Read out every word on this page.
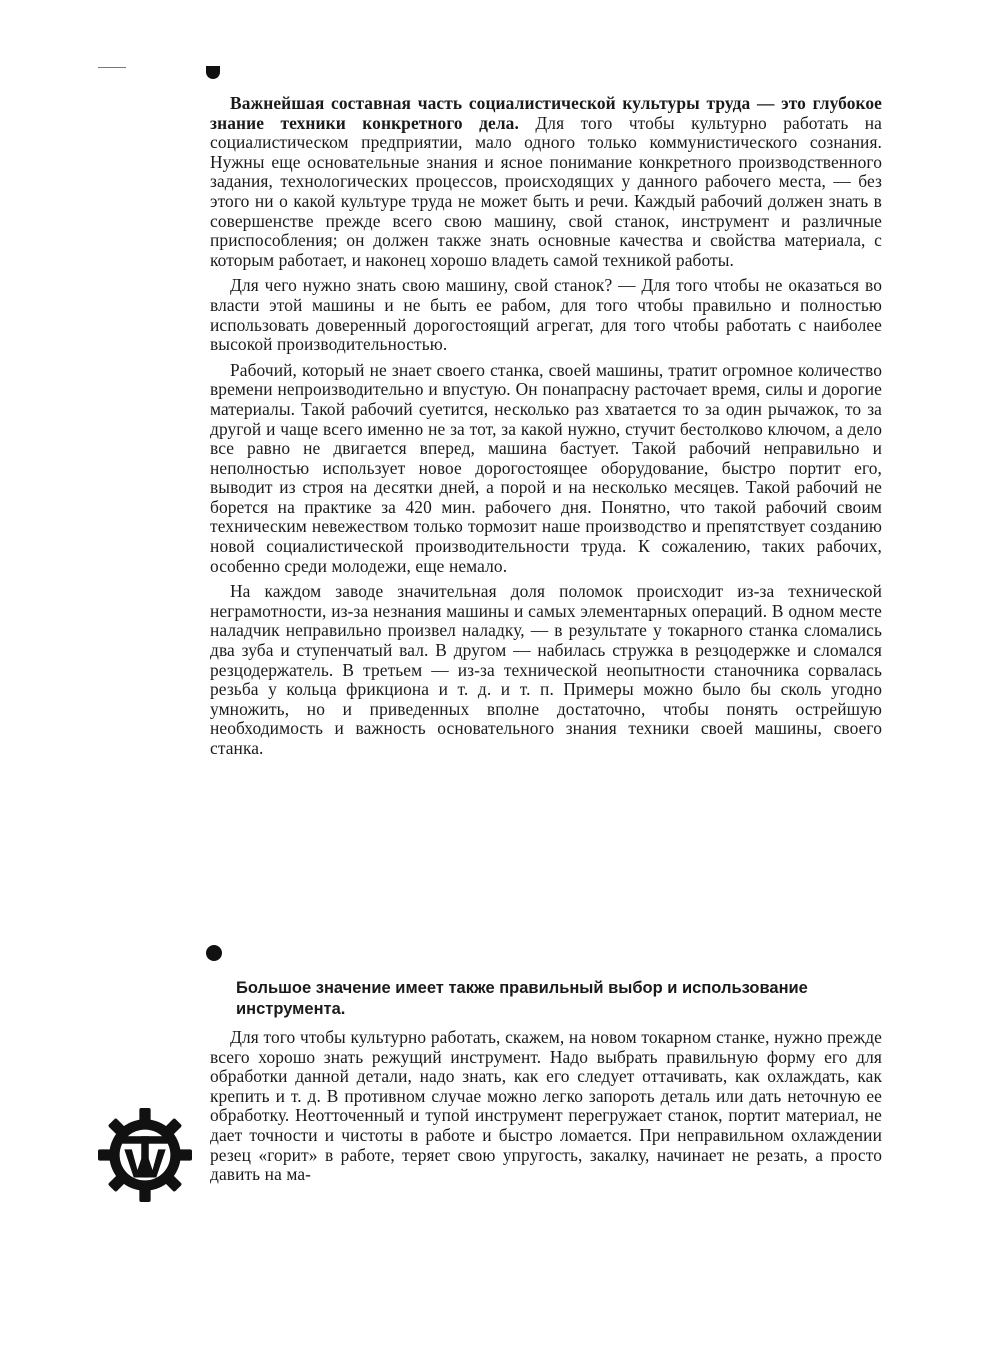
Важнейшая составная часть социалистической культуры труда — это глубокое знание техники конкретного дела. Для того чтобы культурно работать на социалистическом предприятии, мало одного только коммунистического сознания. Нужны еще основательные знания и ясное понимание конкретного производственного задания, технологических процессов, происходящих у данного рабочего места, — без этого ни о какой культуре труда не может быть и речи. Каждый рабочий должен знать в совершенстве прежде всего свою машину, свой станок, инструмент и различные приспособления; он должен также знать основные качества и свойства материала, с которым работает, и наконец хорошо владеть самой техникой работы.

Для чего нужно знать свою машину, свой станок? — Для того чтобы не оказаться во власти этой машины и не быть ее рабом, для того чтобы правильно и полностью использовать доверенный дорогостоящий агрегат, для того чтобы работать с наиболее высокой производительностью.

Рабочий, который не знает своего станка, своей машины, тратит огромное количество времени непроизводительно и впустую. Он понапрасну расточает время, силы и дорогие материалы. Такой рабочий суетится, несколько раз хватается то за один рычажок, то за другой и чаще всего именно не за тот, за какой нужно, стучит бестолково ключом, а дело все равно не двигается вперед, машина бастует. Такой рабочий неправильно и неполностью использует новое дорогостоящее оборудование, быстро портит его, выводит из строя на десятки дней, а порой и на несколько месяцев. Такой рабочий не борется на практике за 420 мин. рабочего дня. Понятно, что такой рабочий своим техническим невежеством только тормозит наше производство и препятствует созданию новой социалистической производительности труда. К сожалению, таких рабочих, особенно среди молодежи, еще немало.

На каждом заводе значительная доля поломок происходит из-за технической неграмотности, из-за незнания машины и самых элементарных операций. В одном месте наладчик неправильно произвел наладку, — в результате у токарного станка сломались два зуба и ступенчатый вал. В другом — набилась стружка в резцодержке и сломался резцодержатель. В третьем — из-за технической неопытности станочника сорвалась резьба у кольца фрикциона и т. д. и т. п. Примеры можно было бы сколь угодно умножить, но и приведенных вполне достаточно, чтобы понять острейшую необходимость и важность основательного знания техники своей машины, своего станка.

Большое значение имеет также правильный выбор и использование инструмента.

Для того чтобы культурно работать, скажем, на новом токарном станке, нужно прежде всего хорошо знать режущий инструмент. Надо выбрать правильную форму его для обработки данной детали, надо знать, как его следует оттачивать, как охлаждать, как крепить и т. д. В противном случае можно легко запороть деталь или дать неточную ее обработку. Неотточенный и тупой инструмент перегружает станок, портит материал, не дает точности и чистоты в работе и быстро ломается. При неправильном охлаждении резец «горит» в работе, теряет свою упругость, закалку, начинает не резать, а просто давить на ма-
